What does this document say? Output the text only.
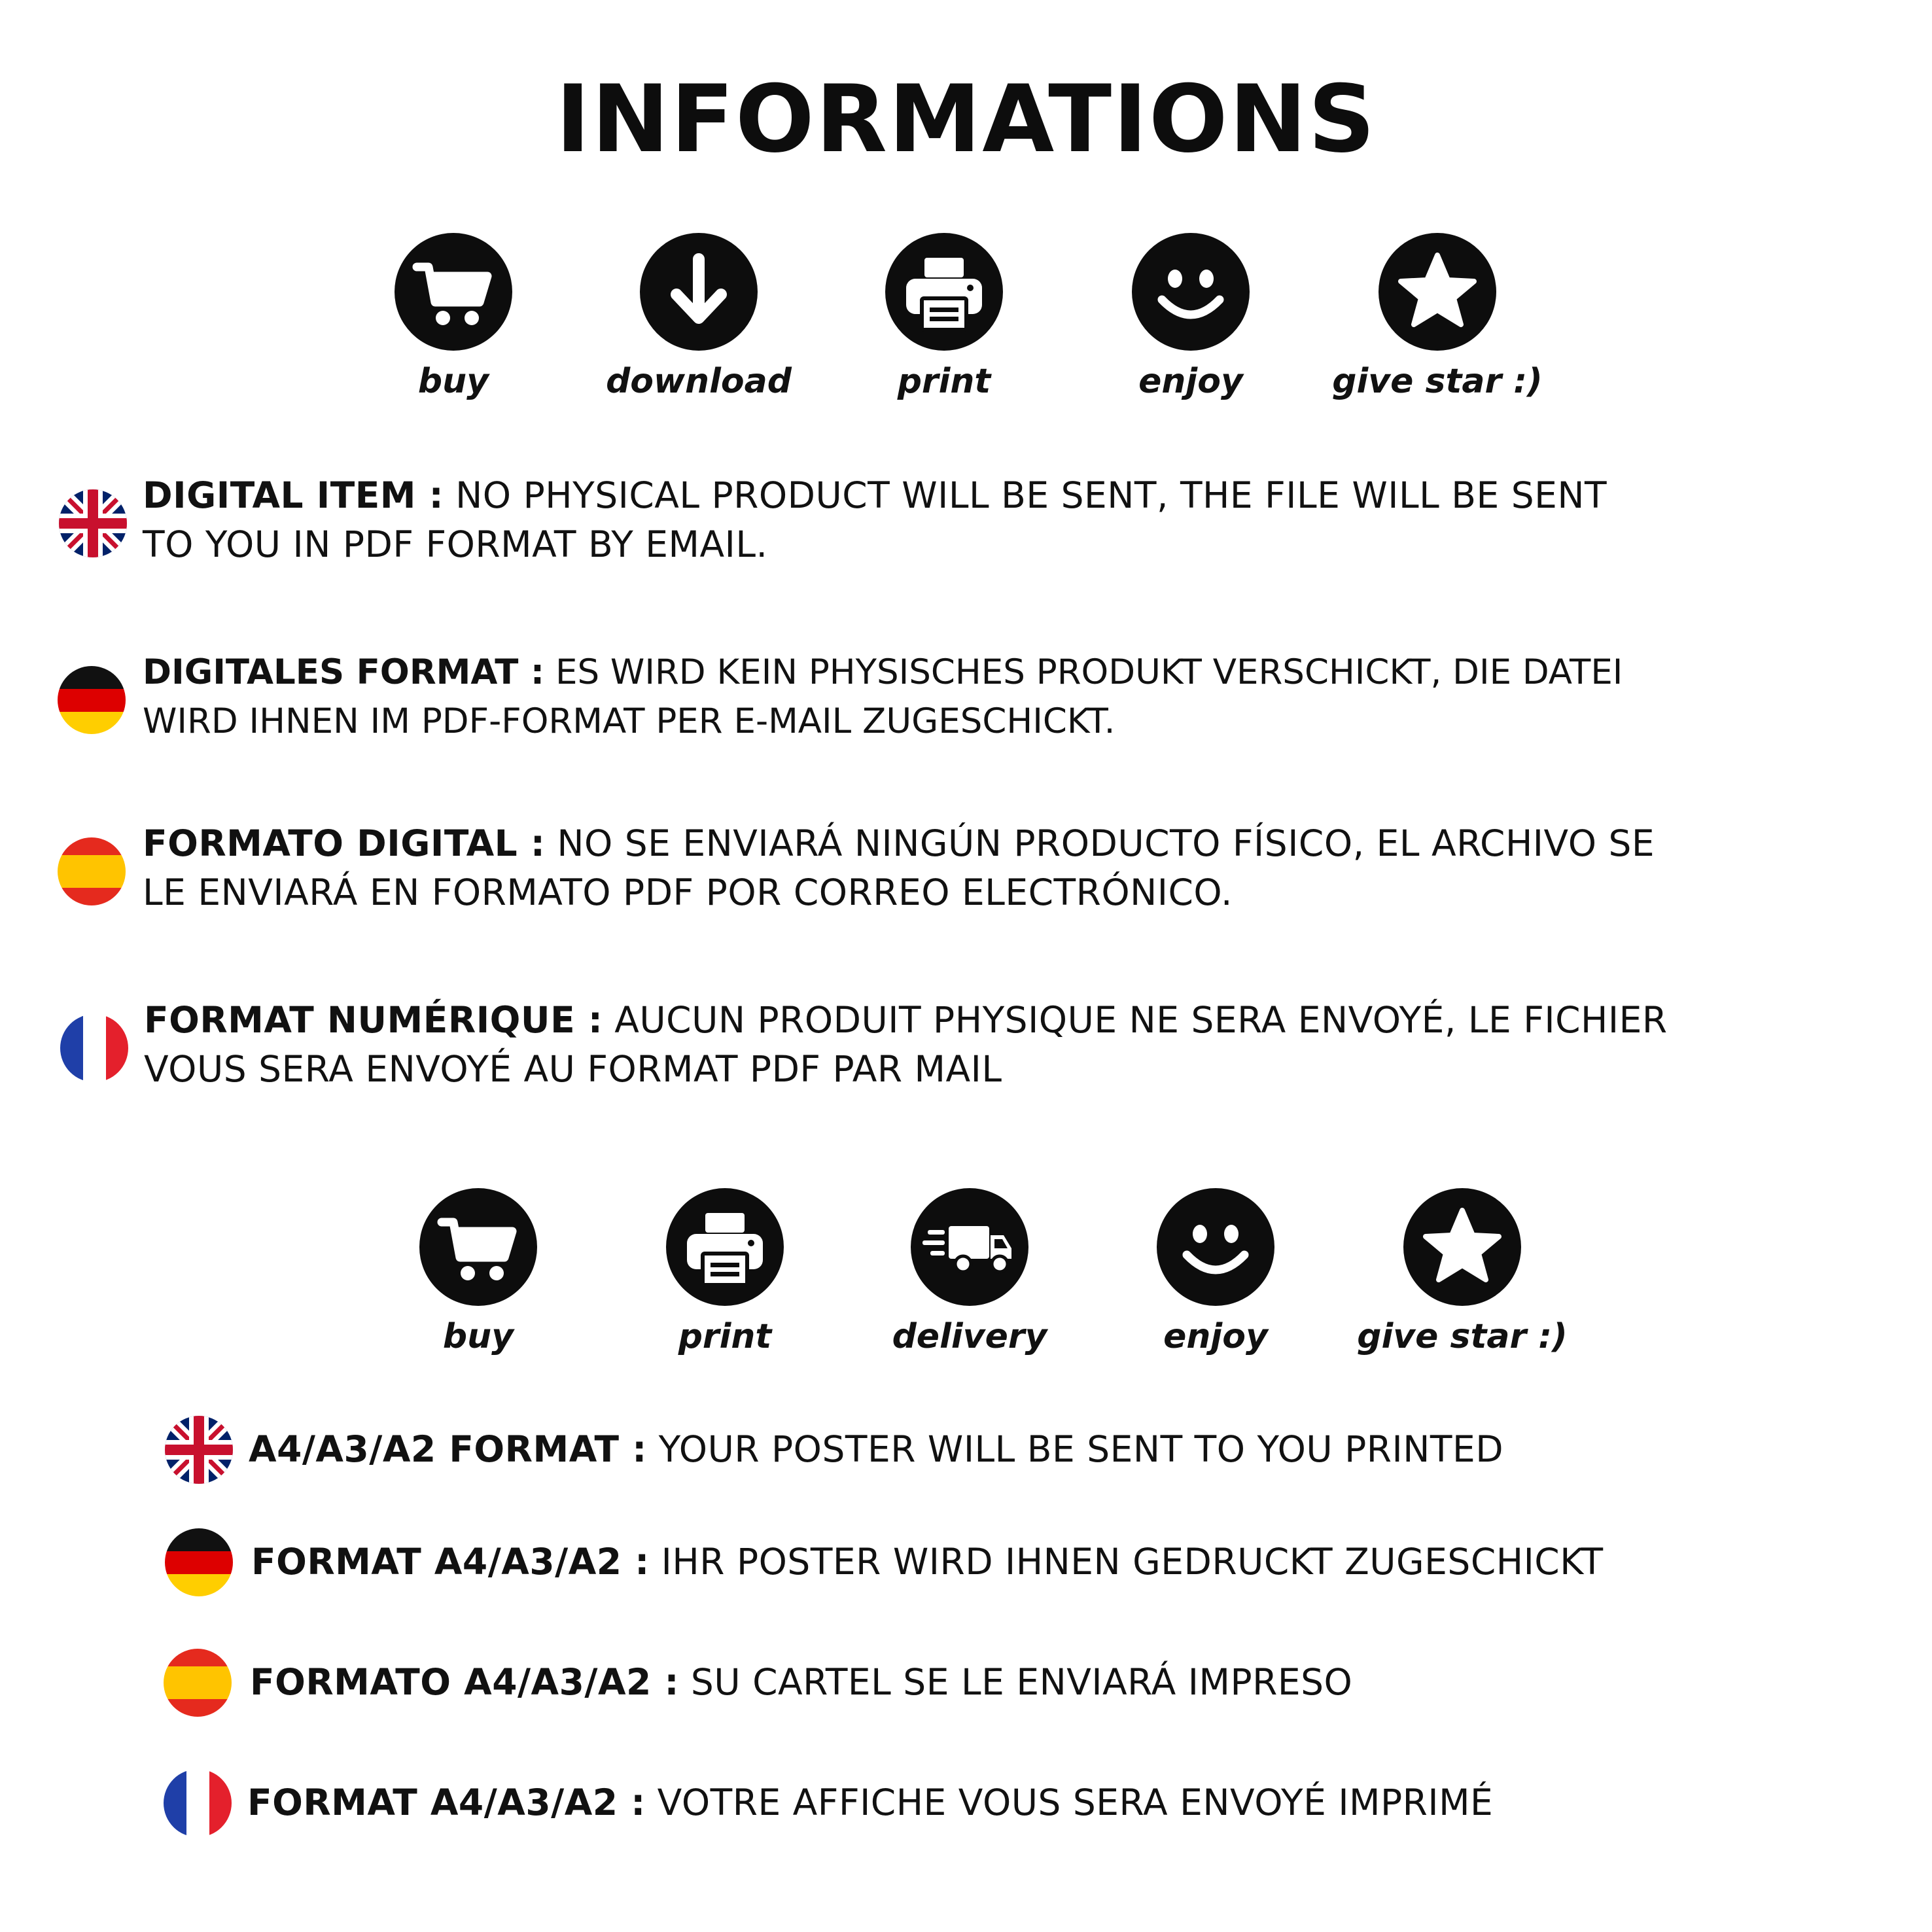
INFORMATIONS
buy	download	print	enjoy	give star :)
DIGITAL ITEM : NO PHYSICAL PRODUCT WILL BE SENT, THE FILE WILL BE SENT
TO YOU IN PDF FORMAT BY EMAIL.
DIGITALES FORMAT : ES WIRD KEIN PHYSISCHES PRODUKT VERSCHICKT, DIE DATEI
WIRD IHNEN IM PDF-FORMAT PER E-MAIL ZUGESCHICKT.
FORMATO DIGITAL : NO SE ENVIARÁ NINGÚN PRODUCTO FÍSICO, EL ARCHIVO SE
LE ENVIARÁ EN FORMATO PDF POR CORREO ELECTRÓNICO.
FORMAT NUMÉRIQUE : AUCUN PRODUIT PHYSIQUE NE SERA ENVOYÉ, LE FICHIER
VOUS SERA ENVOYÉ AU FORMAT PDF PAR MAIL
buy	print	delivery	enjoy	give star :)
A4/A3/A2 FORMAT : YOUR POSTER WILL BE SENT TO YOU PRINTED
FORMAT A4/A3/A2 : IHR POSTER WIRD IHNEN GEDRUCKT ZUGESCHICKT
FORMATO A4/A3/A2 : SU CARTEL SE LE ENVIARÁ IMPRESO
FORMAT A4/A3/A2 : VOTRE AFFICHE VOUS SERA ENVOYÉ IMPRIMÉ
